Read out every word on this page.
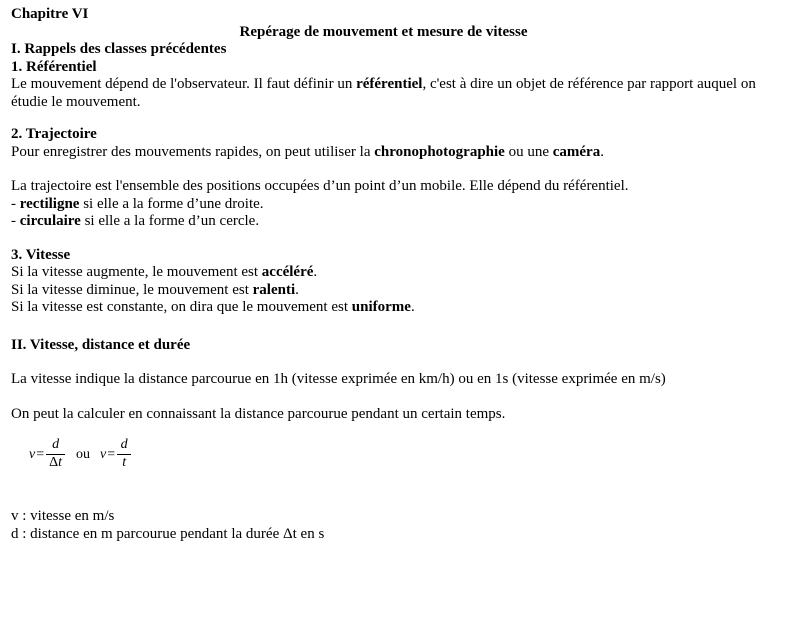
Chapitre VI
Repérage de mouvement et mesure de vitesse
I. Rappels des classes précédentes
1. Référentiel

Le mouvement dépend de l'observateur. Il faut définir un référentiel, c'est à dire un objet de référence par rapport auquel on étudie le mouvement.

2. Trajectoire

Pour enregistrer des mouvements rapides, on peut utiliser la chronophotographie ou une caméra.

La trajectoire est l'ensemble des positions occupées d’un point d’un mobile. Elle dépend du référentiel.

- rectiligne si elle a la forme d’une droite.

- circulaire si elle a la forme d’un cercle.

3. Vitesse

Si la vitesse augmente, le mouvement est accéléré.

Si la vitesse diminue, le mouvement est ralenti.

Si la vitesse est constante, on dira que le mouvement est uniforme.

II. Vitesse, distance et durée
La vitesse indique la distance parcourue en 1h (vitesse exprimée en km/h) ou en 1s (vitesse exprimée en m/s)
On peut la calculer en connaissant la distance parcourue pendant un certain temps.
$v = \frac{d}{\Delta t}$ ou $v = \frac{d}{t}$
v : vitesse en m/s
d : distance en m parcourue pendant la durée Δt en s
